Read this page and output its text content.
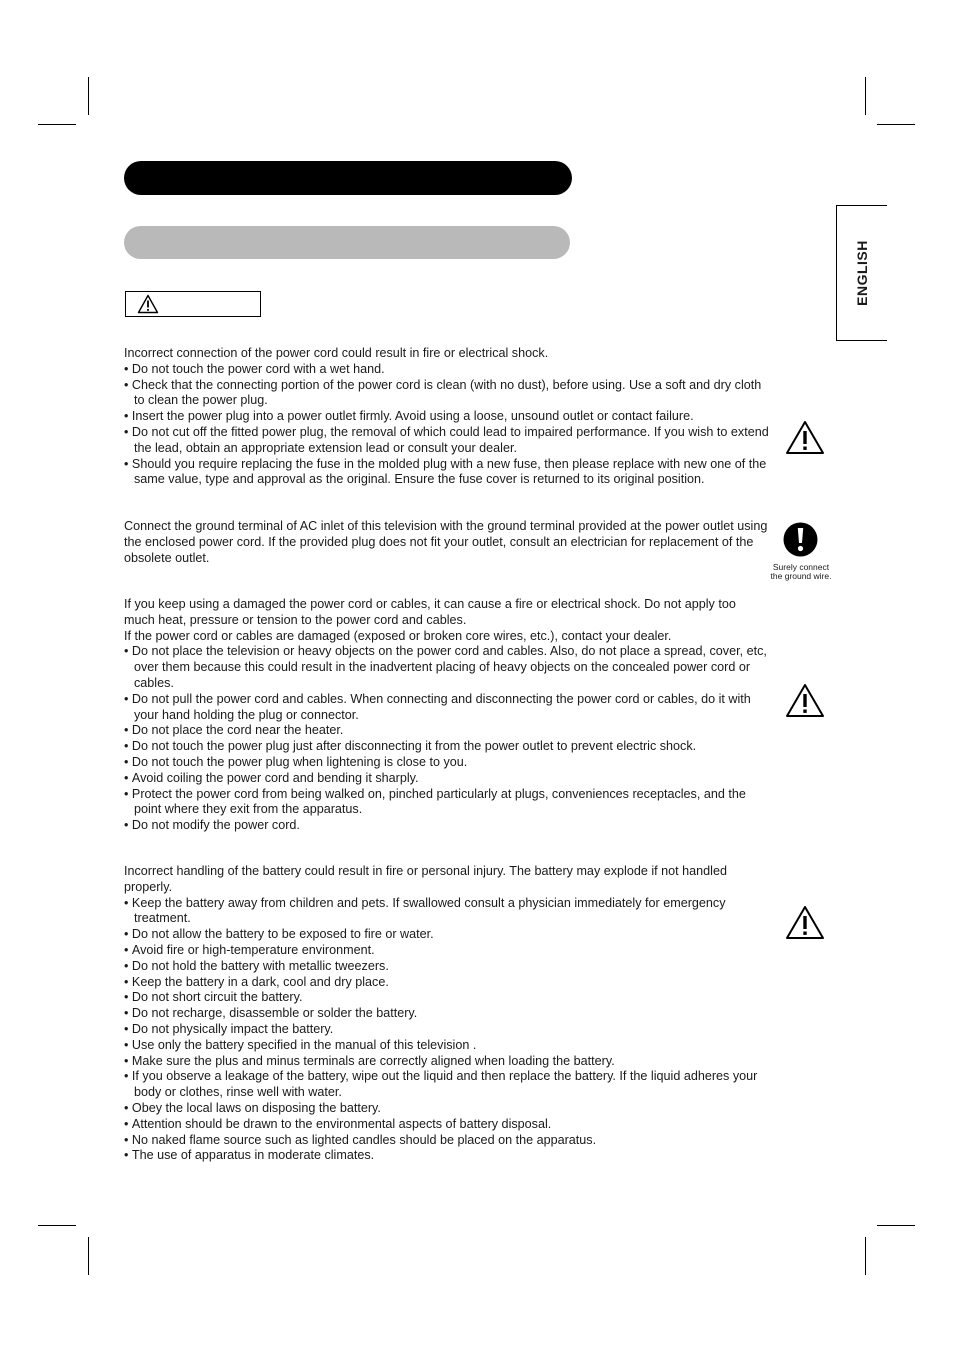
ENGLISH

Incorrect connection of the power cord could result in fire or electrical shock.

• Do not touch the power cord with a wet hand.
• Check that the connecting portion of the power cord is clean (with no dust), before using. Use a soft and dry cloth to clean the power plug.
• Insert the power plug into a power outlet firmly. Avoid using a loose, unsound outlet or contact failure.
• Do not cut off the fitted power plug, the removal of which could lead to impaired performance. If you wish to extend the lead, obtain an appropriate extension lead or consult your dealer.
• Should you require replacing the fuse in the molded plug with a new fuse, then please replace with new one of the same value, type and approval as the original. Ensure the fuse cover is returned to its original position.

Connect the ground terminal of AC inlet of this television with the ground terminal provided at the power outlet using the enclosed power cord. If the provided plug does not fit your outlet, consult an electrician for replacement of the obsolete outlet.

Surely connect
the ground wire.

If you keep using a damaged the power cord or cables, it can cause a fire or electrical shock. Do not apply too much heat, pressure or tension to the power cord and cables.

If the power cord or cables are damaged (exposed or broken core wires, etc.), contact your dealer.

• Do not place the television or heavy objects on the power cord and cables. Also, do not place a spread, cover, etc, over them because this could result in the inadvertent placing of heavy objects on the concealed power cord or cables.
• Do not pull the power cord and cables. When connecting and disconnecting the power cord or cables, do it with your hand holding the plug or connector.
• Do not place the cord near the heater.
• Do not touch the power plug just after disconnecting it from the power outlet to prevent electric shock.
• Do not touch the power plug when lightening is close to you.
• Avoid coiling the power cord and bending it sharply.
• Protect the power cord from being walked on, pinched particularly at plugs, conveniences receptacles, and the point where they exit from the apparatus.
• Do not modify the power cord.

Incorrect handling of the battery could result in fire or personal injury. The battery may explode if not handled properly.

• Keep the battery away from children and pets. If swallowed consult a physician immediately for emergency treatment.
• Do not allow the battery to be exposed to fire or water.
• Avoid fire or high-temperature environment.
• Do not hold the battery with metallic tweezers.
• Keep the battery in a dark, cool and dry place.
• Do not short circuit the battery.
• Do not recharge, disassemble or solder the battery.
• Do not physically impact the battery.
• Use only the battery specified in the manual of this television .
• Make sure the plus and minus terminals are correctly aligned when loading the battery.
• If you observe a leakage of the battery, wipe out the liquid and then replace the battery. If the liquid adheres your body or clothes, rinse well with water.
• Obey the local laws on disposing the battery.
• Attention should be drawn to the environmental aspects of battery disposal.
• No naked flame source such as lighted candles should be placed on the apparatus.
• The use of apparatus in moderate climates.
